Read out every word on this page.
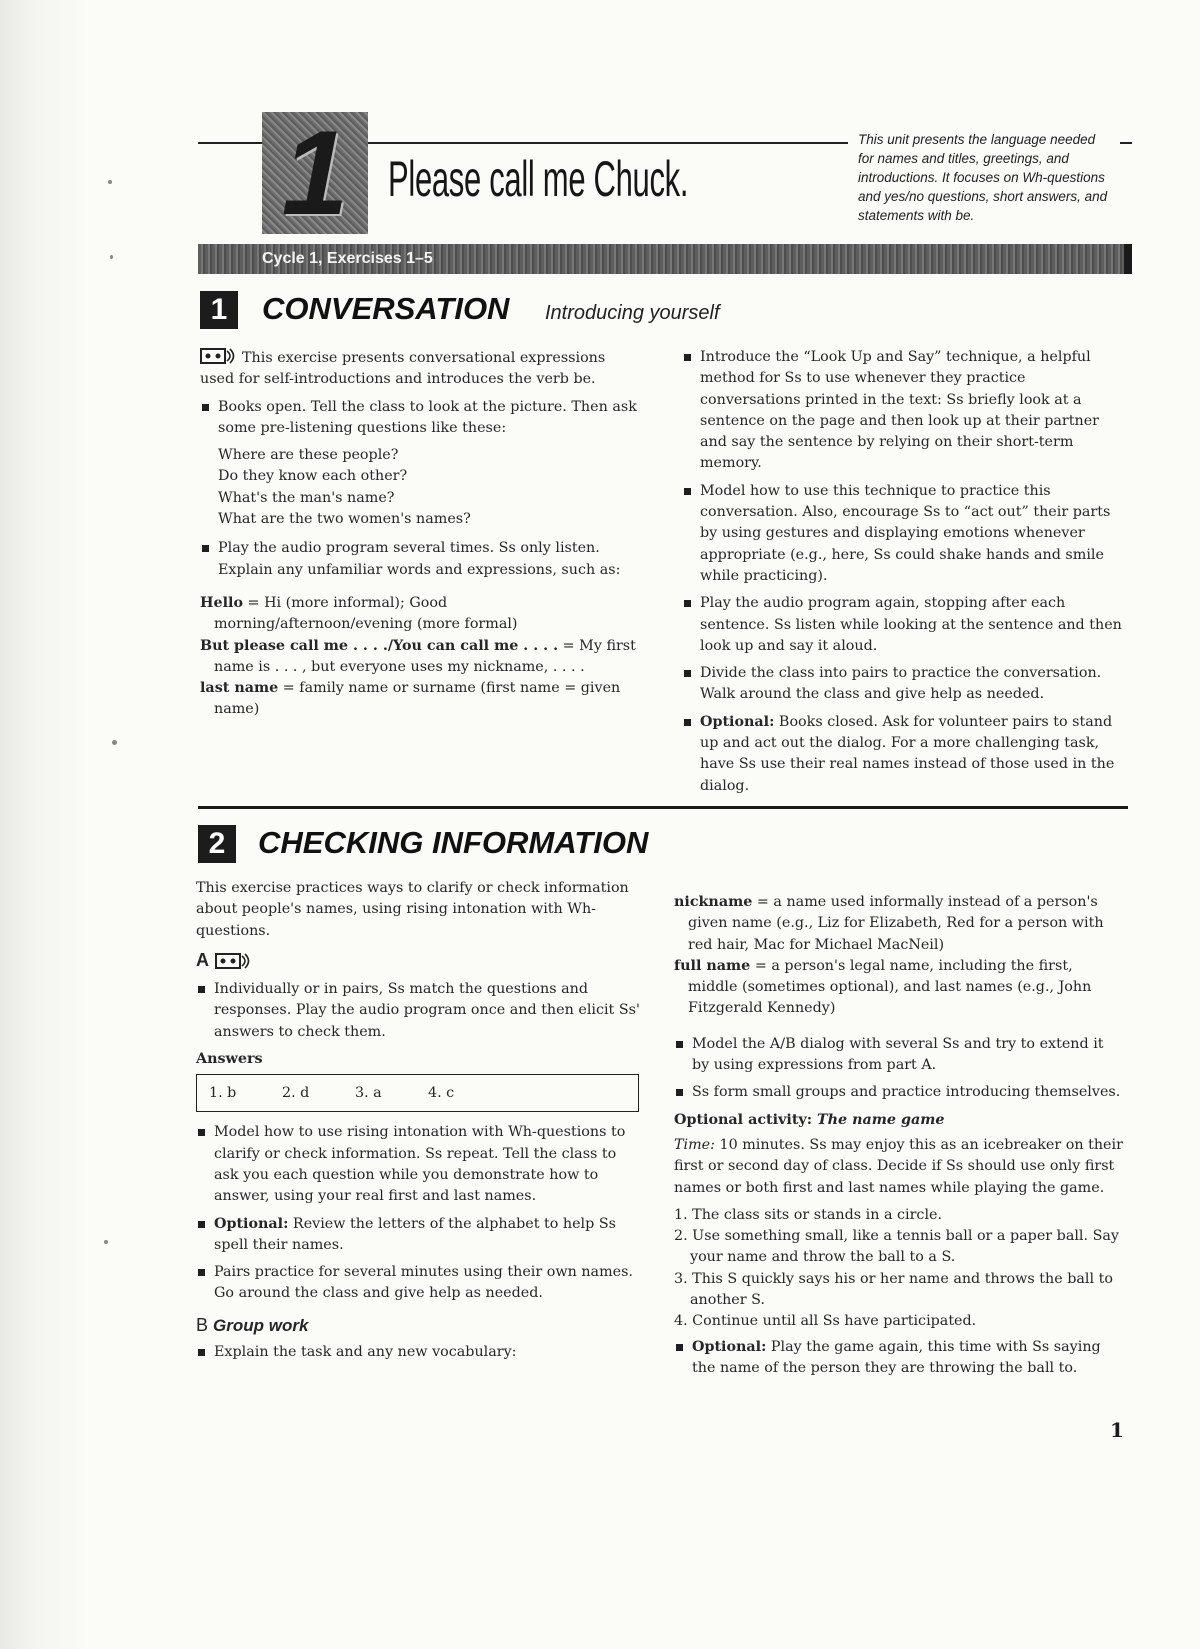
1 Please call me Chuck.
This unit presents the language needed for names and titles, greetings, and introductions. It focuses on Wh-questions and yes/no questions, short answers, and statements with be.
Cycle 1, Exercises 1–5
1	CONVERSATION Introducing yourself

This exercise presents conversational expressions used for self-introductions and introduces the verb be.

Books open. Tell the class to look at the picture. Then ask some pre-listening questions like these:
Where are these people?
Do they know each other?
What's the man's name?
What are the two women's names?
Play the audio program several times. Ss only listen. Explain any unfamiliar words and expressions, such as:
Hello = Hi (more informal); Good morning/afternoon/evening (more formal)
But please call me . . . ./You can call me . . . . = My first name is . . . , but everyone uses my nickname, . . . .
last name = family name or surname (first name = given name)
Introduce the “Look Up and Say” technique, a helpful method for Ss to use whenever they practice conversations printed in the text: Ss briefly look at a sentence on the page and then look up at their partner and say the sentence by relying on their short-term memory.
Model how to use this technique to practice this conversation. Also, encourage Ss to “act out” their parts by using gestures and displaying emotions whenever appropriate (e.g., here, Ss could shake hands and smile while practicing).
Play the audio program again, stopping after each sentence. Ss listen while looking at the sentence and then look up and say it aloud.
Divide the class into pairs to practice the conversation. Walk around the class and give help as needed.
Optional: Books closed. Ask for volunteer pairs to stand up and act out the dialog. For a more challenging task, have Ss use their real names instead of those used in the dialog.
2	CHECKING INFORMATION

This exercise practices ways to clarify or check information about people's names, using rising intonation with Wh-questions.

A
Individually or in pairs, Ss match the questions and responses. Play the audio program once and then elicit Ss' answers to check them.
Answers
1. b	2. d	3. a	4. c
Model how to use rising intonation with Wh-questions to clarify or check information. Ss repeat. Tell the class to ask you each question while you demonstrate how to answer, using your real first and last names.
Optional: Review the letters of the alphabet to help Ss spell their names.
Pairs practice for several minutes using their own names. Go around the class and give help as needed.
B Group work
Explain the task and any new vocabulary:
nickname = a name used informally instead of a person's given name (e.g., Liz for Elizabeth, Red for a person with red hair, Mac for Michael MacNeil)
full name = a person's legal name, including the first, middle (sometimes optional), and last names (e.g., John Fitzgerald Kennedy)
Model the A/B dialog with several Ss and try to extend it by using expressions from part A.
Ss form small groups and practice introducing themselves.
Optional activity: The name game

Time: 10 minutes. Ss may enjoy this as an icebreaker on their first or second day of class. Decide if Ss should use only first names or both first and last names while playing the game.

1. The class sits or stands in a circle.
2. Use something small, like a tennis ball or a paper ball. Say your name and throw the ball to a S.
3. This S quickly says his or her name and throws the ball to another S.
4. Continue until all Ss have participated.
Optional: Play the game again, this time with Ss saying the name of the person they are throwing the ball to.
1
